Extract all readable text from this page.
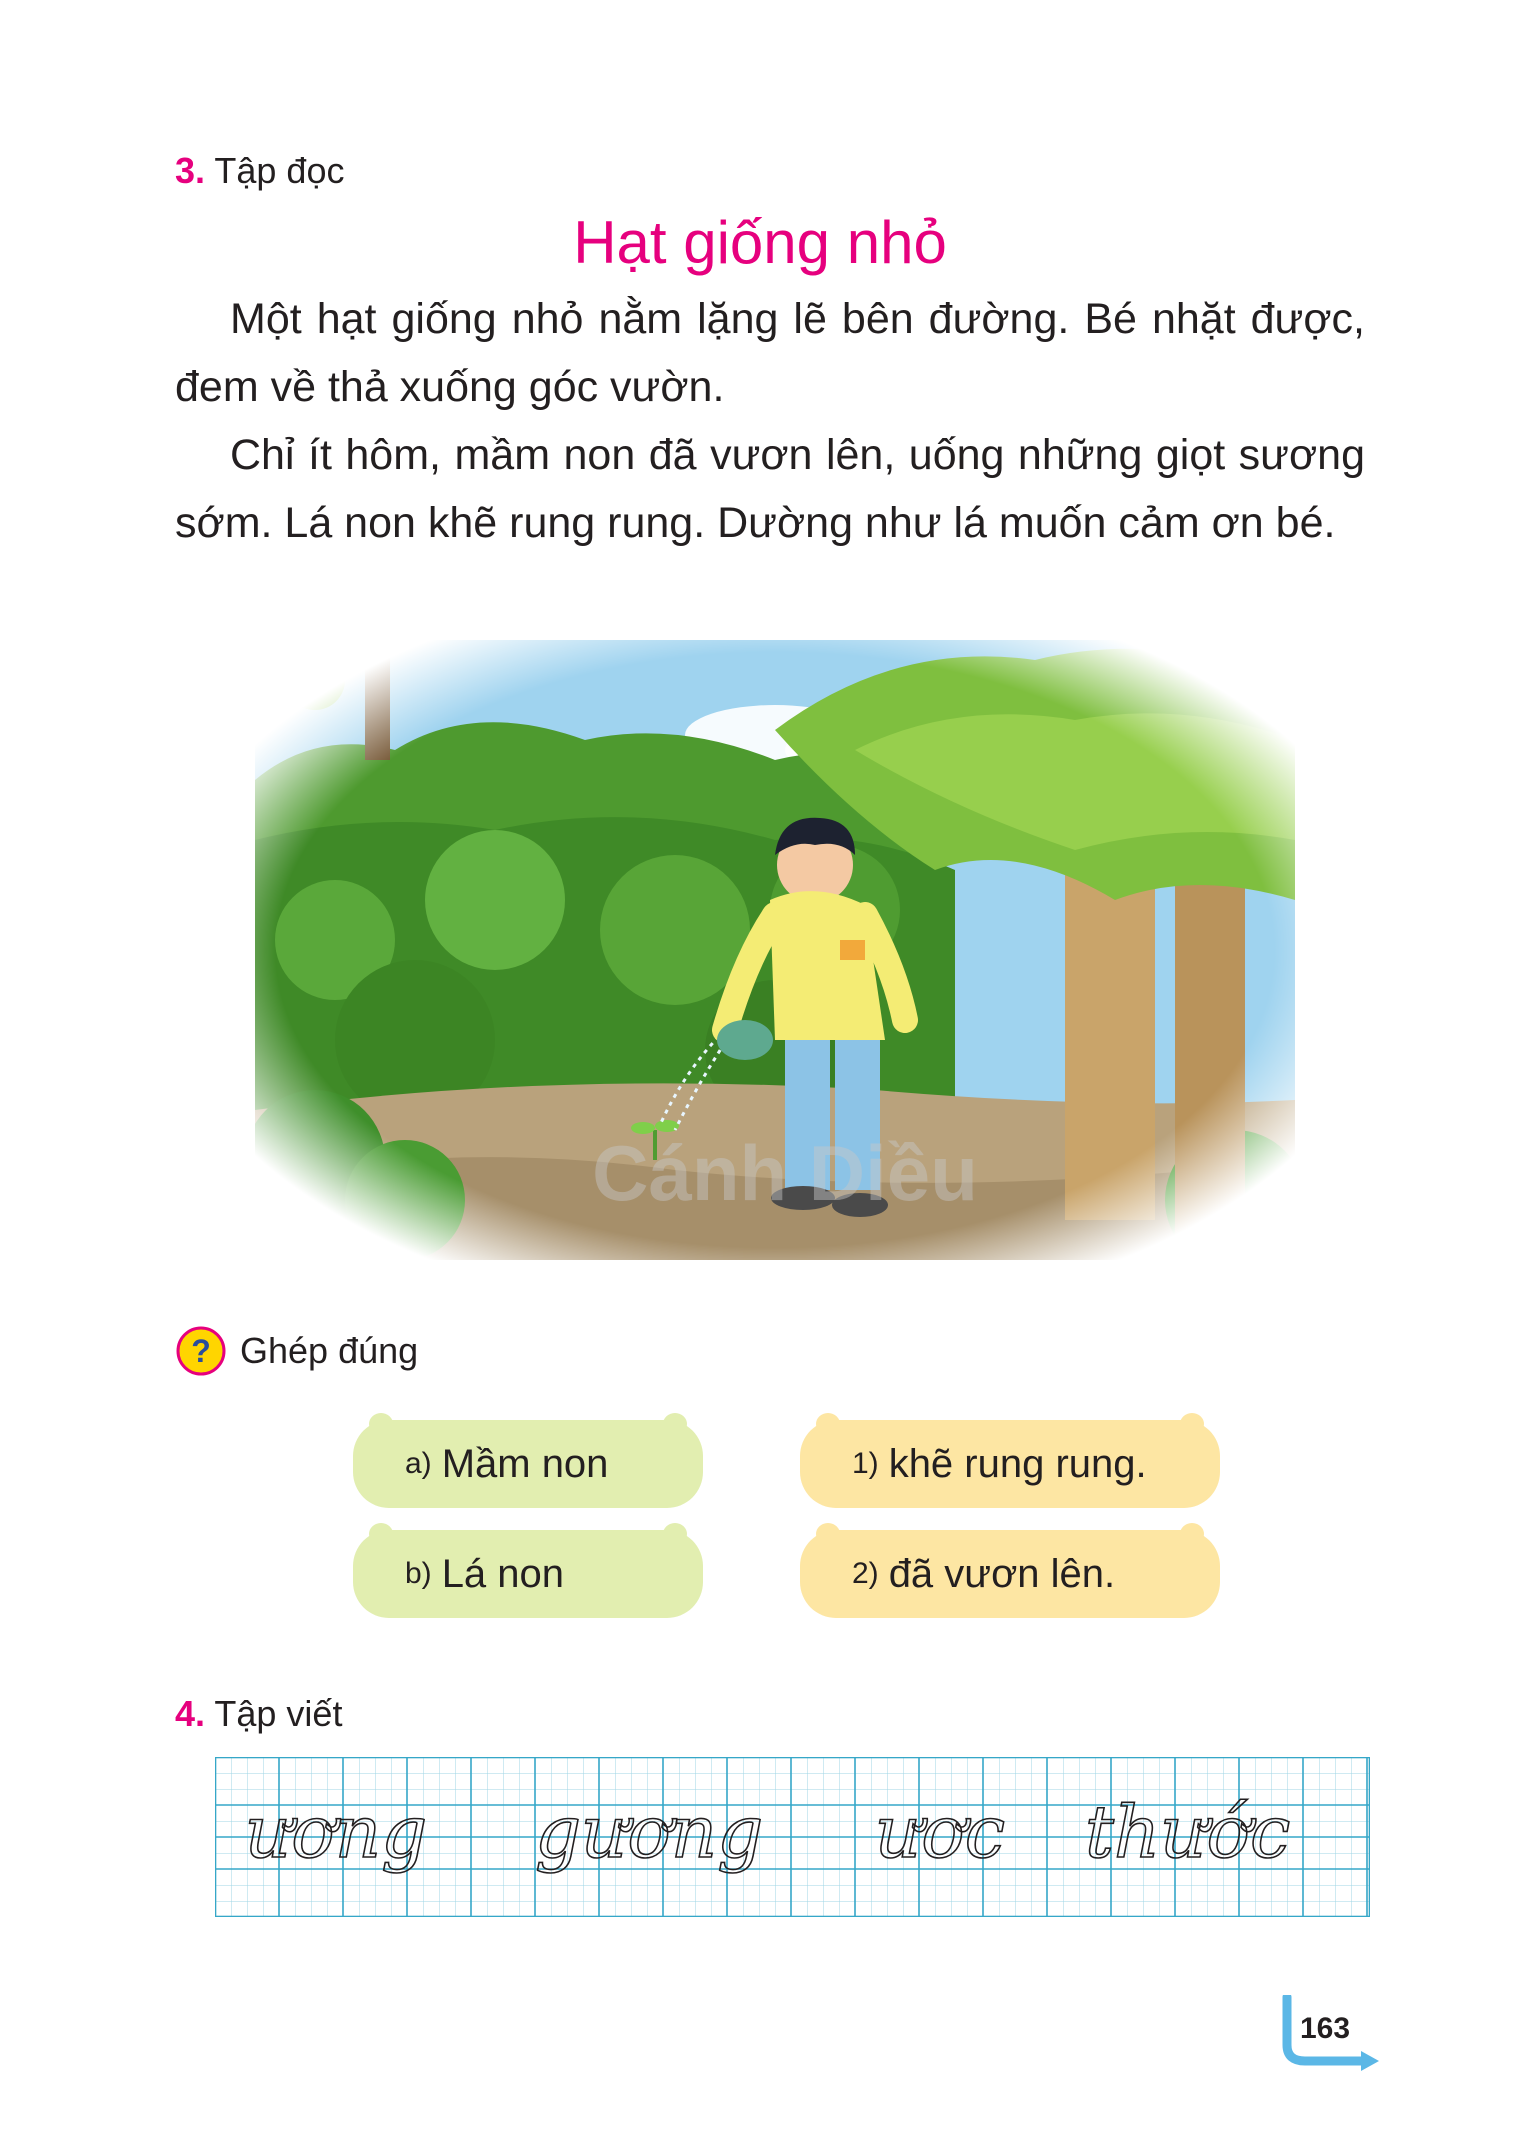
3. Tập đọc
Hạt giống nhỏ
Một hạt giống nhỏ nằm lặng lẽ bên đường. Bé nhặt được, đem về thả xuống góc vườn.
Chỉ ít hôm, mầm non đã vươn lên, uống những giọt sương sớm. Lá non khẽ rung rung. Dường như lá muốn cảm ơn bé.
? Ghép đúng
a) Mầm non
b) Lá non
1) khẽ rung rung.
2) đã vươn lên.
4. Tập viết
ương gương ươc thước
163
